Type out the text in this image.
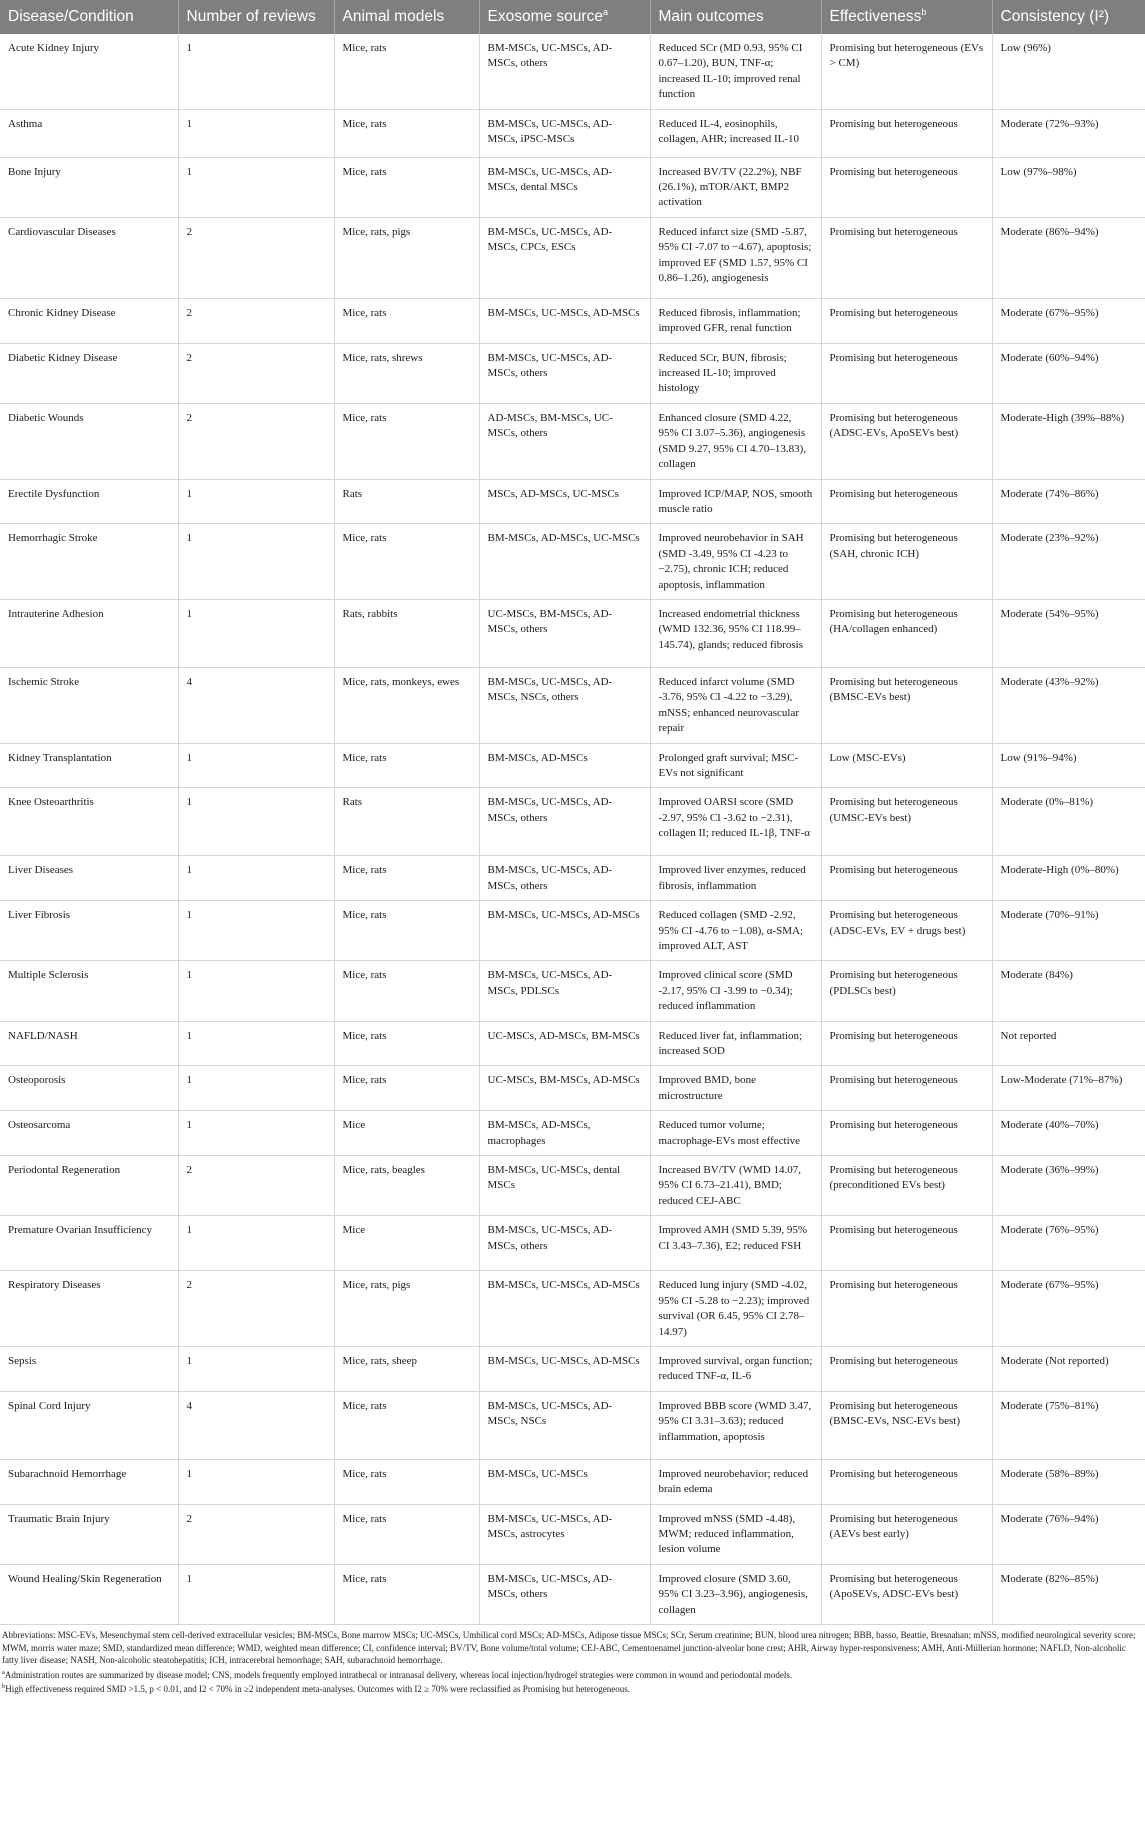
Disease/Condition	Number of reviews	Animal models	Exosome source$^a$	Main outcomes	Effectiveness$^b$	Consistency (I²)
Acute Kidney Injury	1	Mice, rats	BM-MSCs, UC-MSCs, AD-MSCs, others	Reduced SCr (MD 0.93, 95% CI 0.67–1.20), BUN, TNF-α; increased IL-10; improved renal function	Promising but heterogeneous (EVs > CM)	Low (96%)
Asthma	1	Mice, rats	BM-MSCs, UC-MSCs, AD-MSCs, iPSC-MSCs	Reduced IL-4, eosinophils, collagen, AHR; increased IL-10	Promising but heterogeneous	Moderate (72%–93%)
Bone Injury	1	Mice, rats	BM-MSCs, UC-MSCs, AD-MSCs, dental MSCs	Increased BV/TV (22.2%), NBF (26.1%), mTOR/AKT, BMP2 activation	Promising but heterogeneous	Low (97%–98%)
Cardiovascular Diseases	2	Mice, rats, pigs	BM-MSCs, UC-MSCs, AD-MSCs, CPCs, ESCs	Reduced infarct size (SMD -5.87, 95% CI -7.07 to −4.67), apoptosis; improved EF (SMD 1.57, 95% CI 0.86–1.26), angiogenesis	Promising but heterogeneous	Moderate (86%–94%)
Chronic Kidney Disease	2	Mice, rats	BM-MSCs, UC-MSCs, AD-MSCs	Reduced fibrosis, inflammation; improved GFR, renal function	Promising but heterogeneous	Moderate (67%–95%)
Diabetic Kidney Disease	2	Mice, rats, shrews	BM-MSCs, UC-MSCs, AD-MSCs, others	Reduced SCr, BUN, fibrosis; increased IL-10; improved histology	Promising but heterogeneous	Moderate (60%–94%)
Diabetic Wounds	2	Mice, rats	AD-MSCs, BM-MSCs, UC-MSCs, others	Enhanced closure (SMD 4.22, 95% CI 3.07–5.36), angiogenesis (SMD 9.27, 95% CI 4.70–13.83), collagen	Promising but heterogeneous (ADSC-EVs, ApoSEVs best)	Moderate-High (39%–88%)
Erectile Dysfunction	1	Rats	MSCs, AD-MSCs, UC-MSCs	Improved ICP/MAP, NOS, smooth muscle ratio	Promising but heterogeneous	Moderate (74%–86%)
Hemorrhagic Stroke	1	Mice, rats	BM-MSCs, AD-MSCs, UC-MSCs	Improved neurobehavior in SAH (SMD -3.49, 95% CI -4.23 to −2.75), chronic ICH; reduced apoptosis, inflammation	Promising but heterogeneous (SAH, chronic ICH)	Moderate (23%–92%)
Intrauterine Adhesion	1	Rats, rabbits	UC-MSCs, BM-MSCs, AD-MSCs, others	Increased endometrial thickness (WMD 132.36, 95% CI 118.99–145.74), glands; reduced fibrosis	Promising but heterogeneous (HA/collagen enhanced)	Moderate (54%–95%)
Ischemic Stroke	4	Mice, rats, monkeys, ewes	BM-MSCs, UC-MSCs, AD-MSCs, NSCs, others	Reduced infarct volume (SMD -3.76, 95% CI -4.22 to −3.29), mNSS; enhanced neurovascular repair	Promising but heterogeneous (BMSC-EVs best)	Moderate (43%–92%)
Kidney Transplantation	1	Mice, rats	BM-MSCs, AD-MSCs	Prolonged graft survival; MSC-EVs not significant	Low (MSC-EVs)	Low (91%–94%)
Knee Osteoarthritis	1	Rats	BM-MSCs, UC-MSCs, AD-MSCs, others	Improved OARSI score (SMD -2.97, 95% CI -3.62 to −2.31), collagen II; reduced IL-1β, TNF-α	Promising but heterogeneous (UMSC-EVs best)	Moderate (0%–81%)
Liver Diseases	1	Mice, rats	BM-MSCs, UC-MSCs, AD-MSCs, others	Improved liver enzymes, reduced fibrosis, inflammation	Promising but heterogeneous	Moderate-High (0%–80%)
Liver Fibrosis	1	Mice, rats	BM-MSCs, UC-MSCs, AD-MSCs	Reduced collagen (SMD -2.92, 95% CI -4.76 to −1.08), α-SMA; improved ALT, AST	Promising but heterogeneous (ADSC-EVs, EV + drugs best)	Moderate (70%–91%)
Multiple Sclerosis	1	Mice, rats	BM-MSCs, UC-MSCs, AD-MSCs, PDLSCs	Improved clinical score (SMD -2.17, 95% CI -3.99 to −0.34); reduced inflammation	Promising but heterogeneous (PDLSCs best)	Moderate (84%)
NAFLD/NASH	1	Mice, rats	UC-MSCs, AD-MSCs, BM-MSCs	Reduced liver fat, inflammation; increased SOD	Promising but heterogeneous	Not reported
Osteoporosis	1	Mice, rats	UC-MSCs, BM-MSCs, AD-MSCs	Improved BMD, bone microstructure	Promising but heterogeneous	Low-Moderate (71%–87%)
Osteosarcoma	1	Mice	BM-MSCs, AD-MSCs, macrophages	Reduced tumor volume; macrophage-EVs most effective	Promising but heterogeneous	Moderate (40%–70%)
Periodontal Regeneration	2	Mice, rats, beagles	BM-MSCs, UC-MSCs, dental MSCs	Increased BV/TV (WMD 14.07, 95% CI 6.73–21.41), BMD; reduced CEJ-ABC	Promising but heterogeneous (preconditioned EVs best)	Moderate (36%–99%)
Premature Ovarian Insufficiency	1	Mice	BM-MSCs, UC-MSCs, AD-MSCs, others	Improved AMH (SMD 5.39, 95% CI 3.43–7.36), E2; reduced FSH	Promising but heterogeneous	Moderate (76%–95%)
Respiratory Diseases	2	Mice, rats, pigs	BM-MSCs, UC-MSCs, AD-MSCs	Reduced lung injury (SMD -4.02, 95% CI -5.28 to −2.23); improved survival (OR 6.45, 95% CI 2.78–14.97)	Promising but heterogeneous	Moderate (67%–95%)
Sepsis	1	Mice, rats, sheep	BM-MSCs, UC-MSCs, AD-MSCs	Improved survival, organ function; reduced TNF-α, IL-6	Promising but heterogeneous	Moderate (Not reported)
Spinal Cord Injury	4	Mice, rats	BM-MSCs, UC-MSCs, AD-MSCs, NSCs	Improved BBB score (WMD 3.47, 95% CI 3.31–3.63); reduced inflammation, apoptosis	Promising but heterogeneous (BMSC-EVs, NSC-EVs best)	Moderate (75%–81%)
Subarachnoid Hemorrhage	1	Mice, rats	BM-MSCs, UC-MSCs	Improved neurobehavior; reduced brain edema	Promising but heterogeneous	Moderate (58%–89%)
Traumatic Brain Injury	2	Mice, rats	BM-MSCs, UC-MSCs, AD-MSCs, astrocytes	Improved mNSS (SMD -4.48), MWM; reduced inflammation, lesion volume	Promising but heterogeneous (AEVs best early)	Moderate (76%–94%)
Wound Healing/Skin Regeneration	1	Mice, rats	BM-MSCs, UC-MSCs, AD-MSCs, others	Improved closure (SMD 3.60, 95% CI 3.23–3.96), angiogenesis, collagen	Promising but heterogeneous (ApoSEVs, ADSC-EVs best)	Moderate (82%–85%)

Abbreviations: MSC-EVs, Mesenchymal stem cell-derived extracellular vesicles; BM-MSCs, Bone marrow MSCs; UC-MSCs, Umbilical cord MSCs; AD-MSCs, Adipose tissue MSCs; SCr, Serum creatinine; BUN, blood urea nitrogen; BBB, basso, Beattie, Bresnahan; mNSS, modified neurological severity score; MWM, morris water maze; SMD, standardized mean difference; WMD, weighted mean difference; CI, confidence interval; BV/TV, Bone volume/total volume; CEJ-ABC, Cementoenamel junction-alveolar bone crest; AHR, Airway hyper-responsiveness; AMH, Anti-Müllerian hormone; NAFLD, Non-alcoholic fatty liver disease; NASH, Non-alcoholic steatohepatitis; ICH, intracerebral hemorrhage; SAH, subarachnoid hemorrhage.

$^a$Administration routes are summarized by disease model; CNS, models frequently employed intrathecal or intranasal delivery, whereas local injection/hydrogel strategies were common in wound and periodontal models.

$^b$High effectiveness required SMD >1.5, p < 0.01, and I2 < 70% in ≥2 independent meta-analyses. Outcomes with I2 ≥ 70% were reclassified as Promising but heterogeneous.
